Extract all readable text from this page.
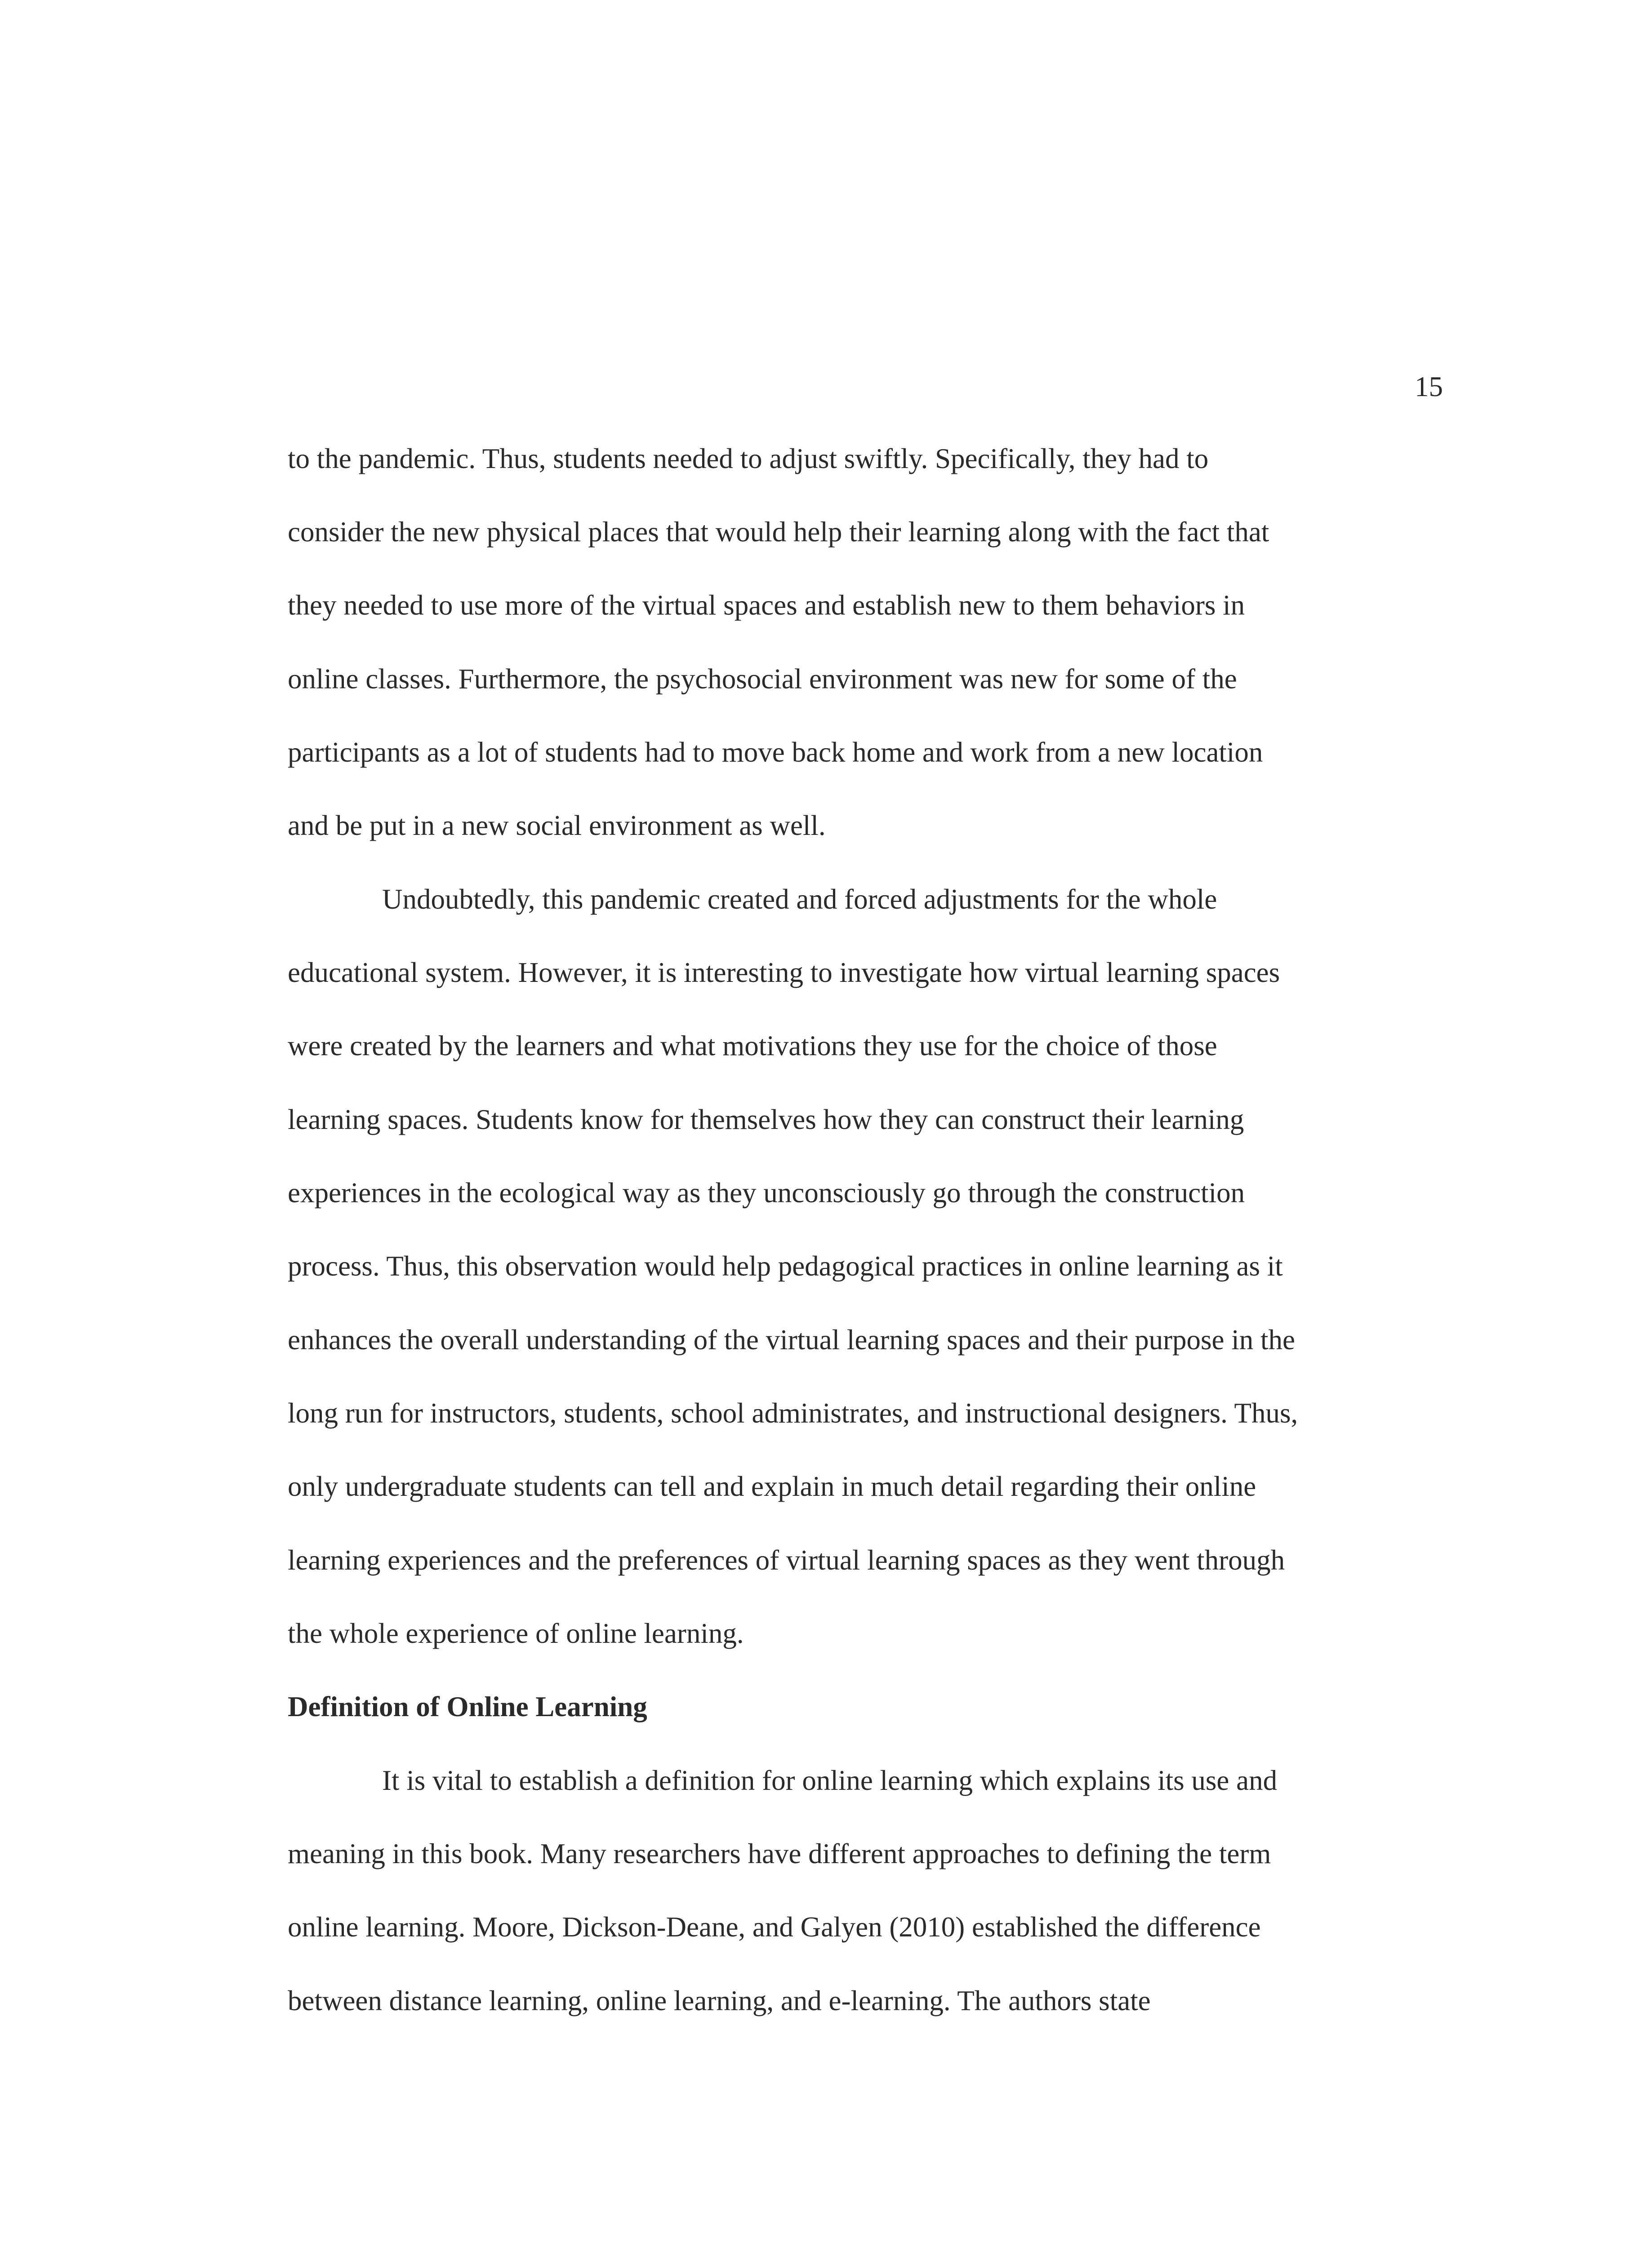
15
to the pandemic. Thus, students needed to adjust swiftly. Specifically, they had to
consider the new physical places that would help their learning along with the fact that
they needed to use more of the virtual spaces and establish new to them behaviors in
online classes. Furthermore, the psychosocial environment was new for some of the
participants as a lot of students had to move back home and work from a new location
and be put in a new social environment as well.
Undoubtedly, this pandemic created and forced adjustments for the whole
educational system. However, it is interesting to investigate how virtual learning spaces
were created by the learners and what motivations they use for the choice of those
learning spaces. Students know for themselves how they can construct their learning
experiences in the ecological way as they unconsciously go through the construction
process. Thus, this observation would help pedagogical practices in online learning as it
enhances the overall understanding of the virtual learning spaces and their purpose in the
long run for instructors, students, school administrates, and instructional designers. Thus,
only undergraduate students can tell and explain in much detail regarding their online
learning experiences and the preferences of virtual learning spaces as they went through
the whole experience of online learning.
Definition of Online Learning
It is vital to establish a definition for online learning which explains its use and
meaning in this book. Many researchers have different approaches to defining the term
online learning. Moore, Dickson-Deane, and Galyen (2010) established the difference
between distance learning, online learning, and e-learning. The authors state
